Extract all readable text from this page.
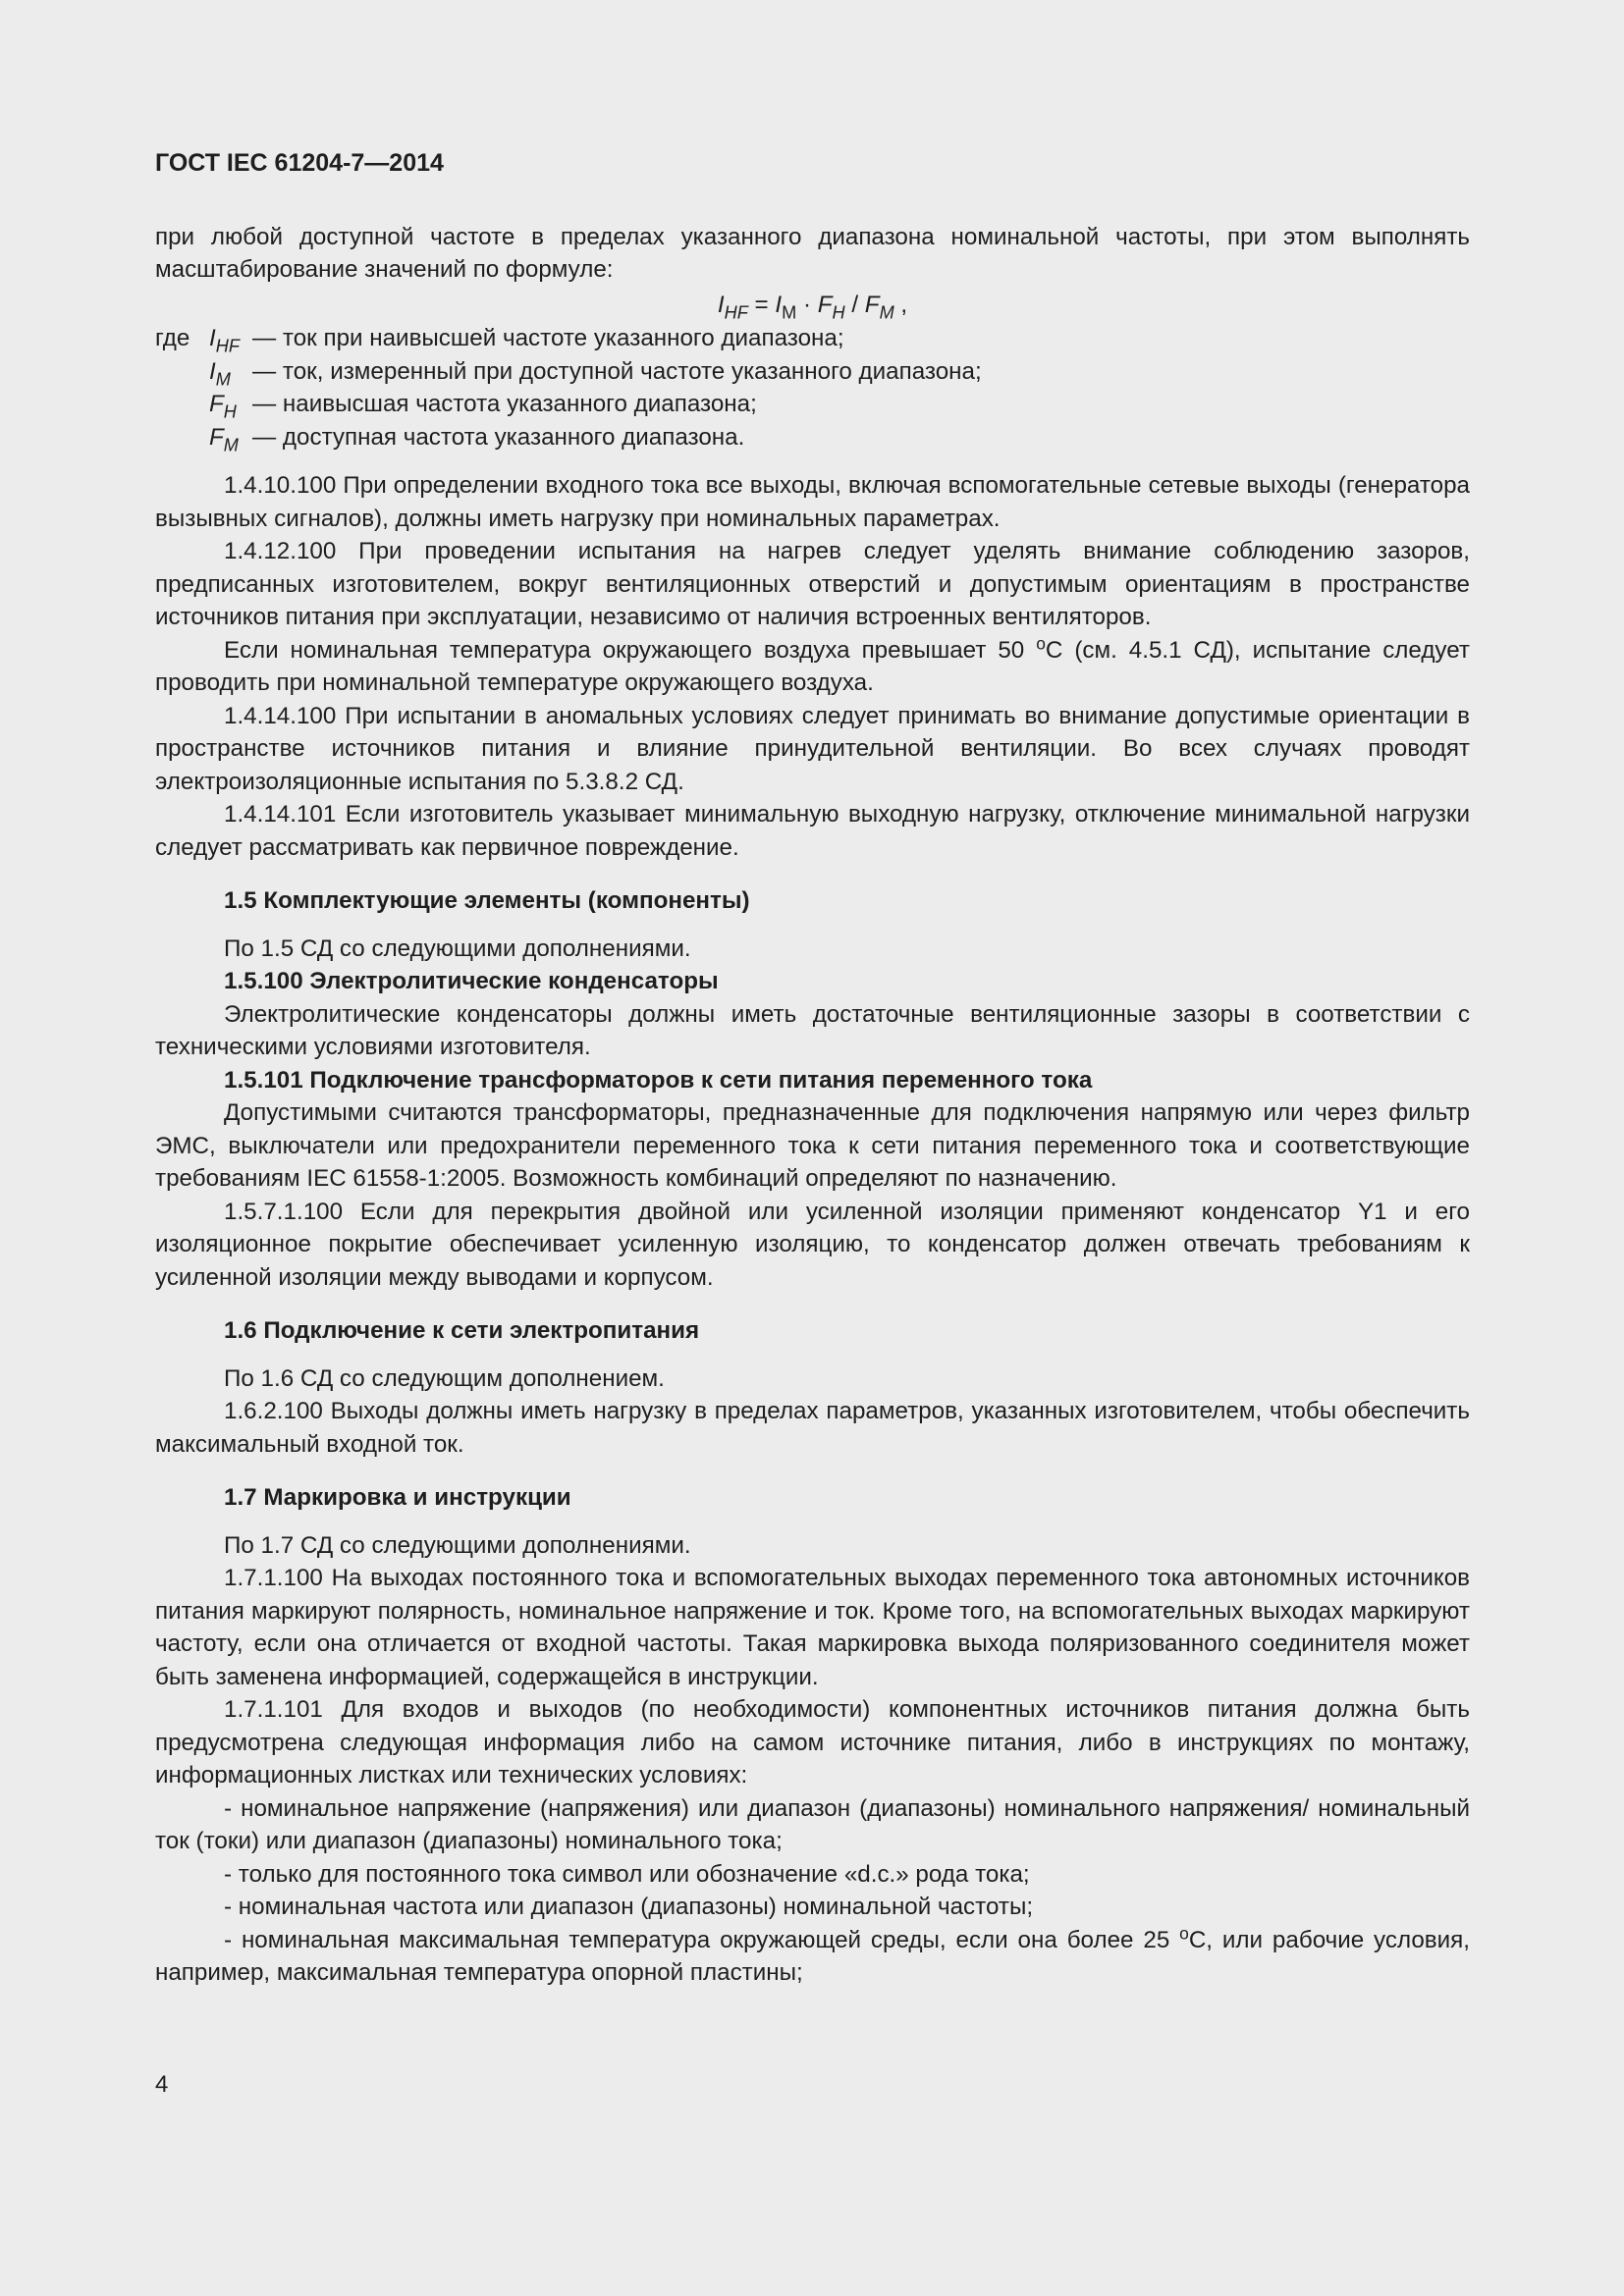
ГОСТ IEC 61204-7—2014

при любой доступной частоте в пределах указанного диапазона номинальной частоты, при этом выполнять масштабирование значений по формуле:

$I_{HF} = I_M \cdot F_H / F_M$ ,
где $I_{HF}$ — ток при наивысшей частоте указанного диапазона;
$I_M$ — ток, измеренный при доступной частоте указанного диапазона;
$F_H$ — наивысшая частота указанного диапазона;
$F_M$ — доступная частота указанного диапазона.

1.4.10.100 При определении входного тока все выходы, включая вспомогательные сетевые выходы (генератора вызывных сигналов), должны иметь нагрузку при номинальных параметрах.

1.4.12.100 При проведении испытания на нагрев следует уделять внимание соблюдению зазоров, предписанных изготовителем, вокруг вентиляционных отверстий и допустимым ориентациям в пространстве источников питания при эксплуатации, независимо от наличия встроенных вентиляторов.

Если номинальная температура окружающего воздуха превышает 50 $^о$С (см. 4.5.1 СД), испытание следует проводить при номинальной температуре окружающего воздуха.

1.4.14.100 При испытании в аномальных условиях следует принимать во внимание допустимые ориентации в пространстве источников питания и влияние принудительной вентиляции. Во всех случаях проводят электроизоляционные испытания по 5.3.8.2 СД.

1.4.14.101 Если изготовитель указывает минимальную выходную нагрузку, отключение минимальной нагрузки следует рассматривать как первичное повреждение.

1.5 Комплектующие элементы (компоненты)

По 1.5 СД со следующими дополнениями.

1.5.100 Электролитические конденсаторы

Электролитические конденсаторы должны иметь достаточные вентиляционные зазоры в соответствии с техническими условиями изготовителя.

1.5.101 Подключение трансформаторов к сети питания переменного тока

Допустимыми считаются трансформаторы, предназначенные для подключения напрямую или через фильтр ЭМС, выключатели или предохранители переменного тока к сети питания переменного тока и соответствующие требованиям IEC 61558-1:2005. Возможность комбинаций определяют по назначению.

1.5.7.1.100 Если для перекрытия двойной или усиленной изоляции применяют конденсатор Y1 и его изоляционное покрытие обеспечивает усиленную изоляцию, то конденсатор должен отвечать требованиям к усиленной изоляции между выводами и корпусом.

1.6 Подключение к сети электропитания

По 1.6 СД со следующим дополнением.

1.6.2.100 Выходы должны иметь нагрузку в пределах параметров, указанных изготовителем, чтобы обеспечить максимальный входной ток.

1.7 Маркировка и инструкции

По 1.7 СД со следующими дополнениями.

1.7.1.100 На выходах постоянного тока и вспомогательных выходах переменного тока автономных источников питания маркируют полярность, номинальное напряжение и ток. Кроме того, на вспомогательных выходах маркируют частоту, если она отличается от входной частоты. Такая маркировка выхода поляризованного соединителя может быть заменена информацией, содержащейся в инструкции.

1.7.1.101 Для входов и выходов (по необходимости) компонентных источников питания должна быть предусмотрена следующая информация либо на самом источнике питания, либо в инструкциях по монтажу, информационных листках или технических условиях:

- номинальное напряжение (напряжения) или диапазон (диапазоны) номинального напряжения/ номинальный ток (токи) или диапазон (диапазоны) номинального тока;

- только для постоянного тока символ или обозначение «d.c.» рода тока;

- номинальная частота или диапазон (диапазоны) номинальной частоты;

- номинальная максимальная температура окружающей среды, если она более 25 $^о$С, или рабочие условия, например, максимальная температура опорной пластины;

4
